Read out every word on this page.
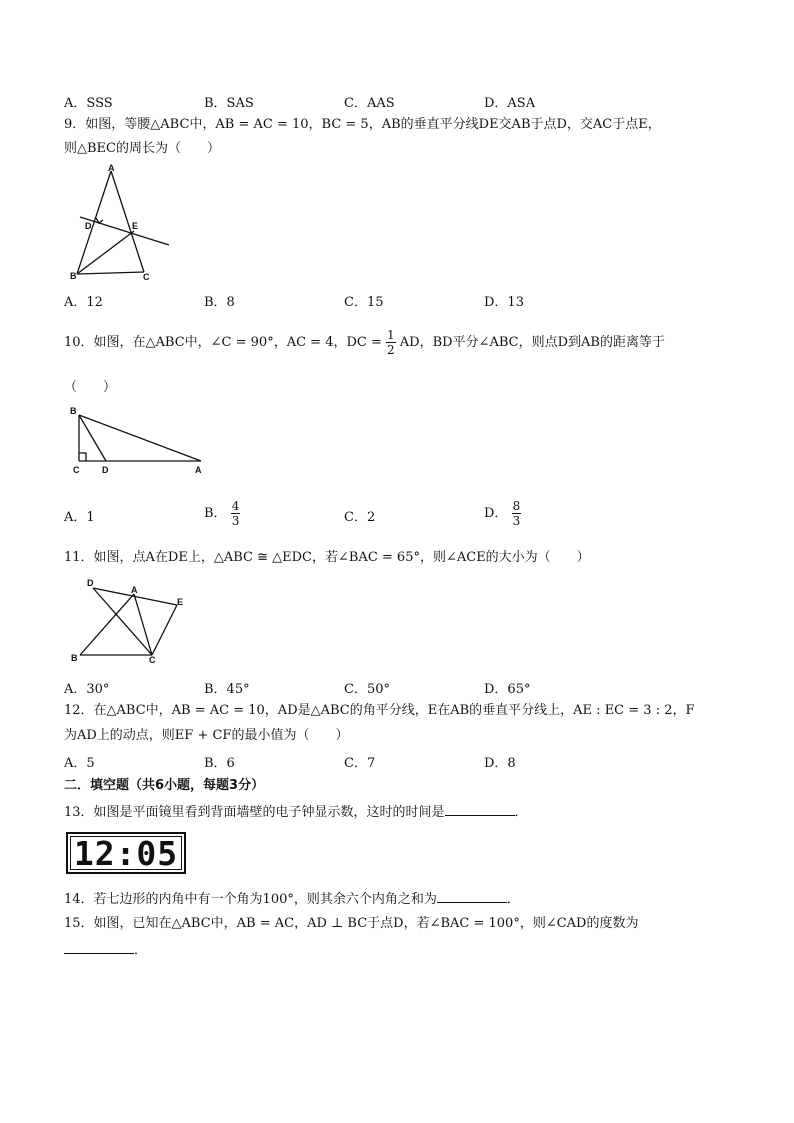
A．SSS	B．SAS	C．AAS	D．ASA
9．如图，等腰△ABC中，AB = AC = 10，BC = 5，AB的垂直平分线DE交AB于点D，交AC于点E，
则△BEC的周长为（　　）
A
D	E
B	C
A．12	B．8	C．15	D．13
10．如图，在△ABC中，∠C = 90°，AC = 4，DC = $\frac{1}{2}$ AD，BD平分∠ABC，则点D到AB的距离等于
（　　）
B
C	D	A
A．1	B． $\frac{4}{3}$	C．2	D． $\frac{8}{3}$
11．如图，点A在DE上，△ABC ≅ △EDC，若∠BAC = 65°，则∠ACE的大小为（　　）
D
A
E
B	C
A．30°	B．45°	C．50°	D．65°
12．在△ABC中，AB = AC = 10，AD是△ABC的角平分线，E在AB的垂直平分线上，AE : EC = 3 : 2，F
为AD上的动点，则EF + CF的最小值为（　　）
A．5	B．6	C．7	D．8
二．填空题（共6小题，每题3分）
13．如图是平面镜里看到背面墙壁的电子钟显示数，这时的时间是	．
12:05
14．若七边形的内角中有一个角为100°，则其余六个内角之和为	．
15．如图，已知在△ABC中，AB = AC，AD ⊥ BC于点D，若∠BAC = 100°，则∠CAD的度数为
．
